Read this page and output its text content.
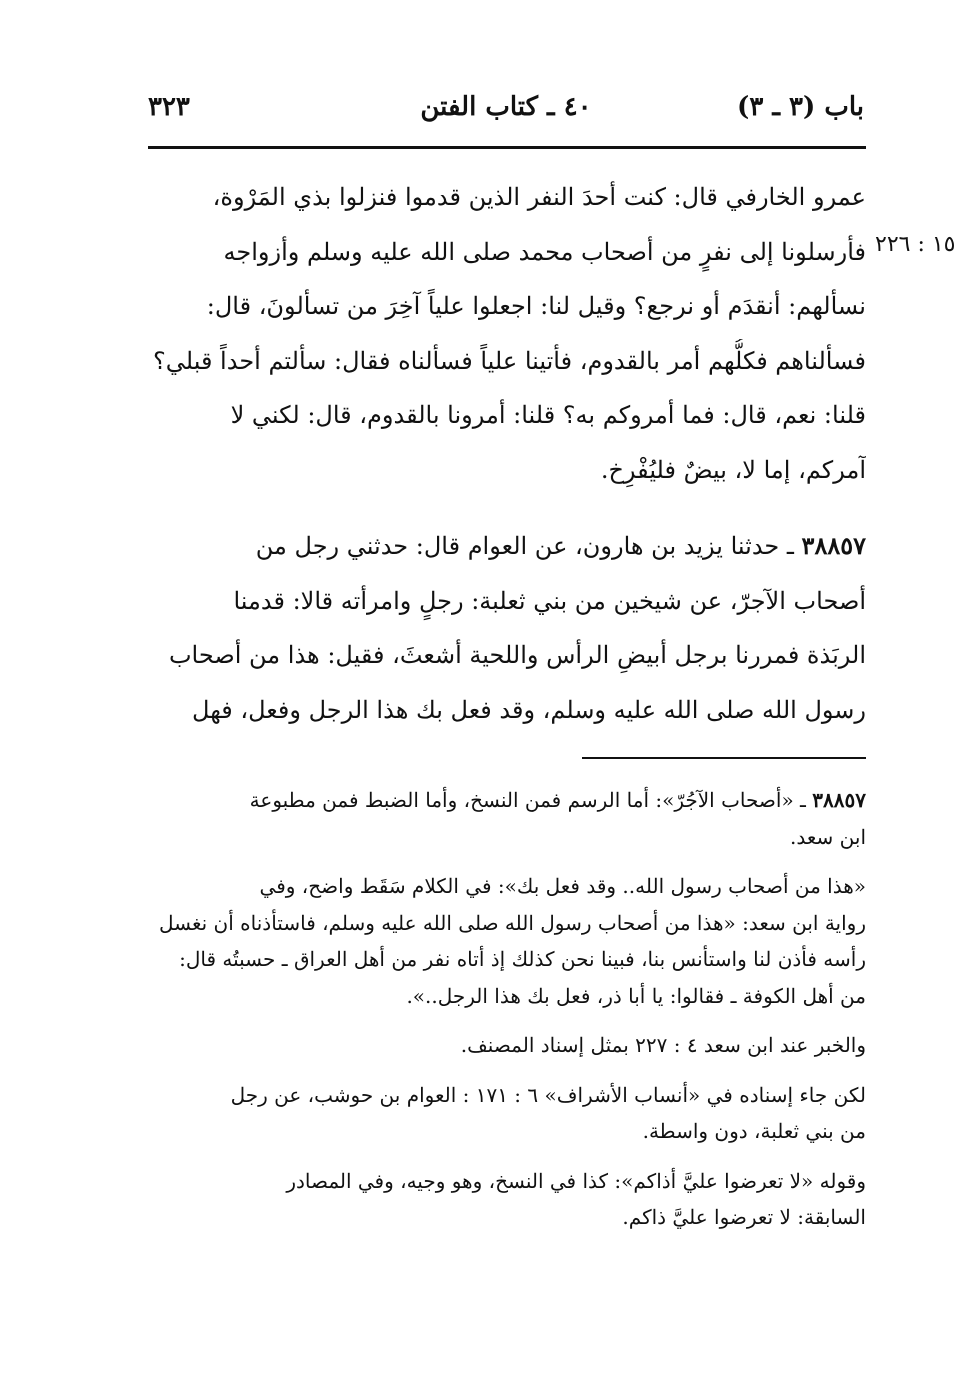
باب (٣ ـ ٣)
٤٠ ـ كتاب الفتن
٣٢٣
١٥ : ٢٢٦
عمرو الخارفي قال: كنت أحدَ النفر الذين قدموا فنزلوا بذي المَرْوة،
فأرسلونا إلى نفرٍ من أصحاب محمد صلى الله عليه وسلم وأزواجه
نسألهم: أنقدَم أو نرجع؟ وقيل لنا: اجعلوا علياً آخِرَ من تسألونَ، قال:
فسألناهم فكلُّهم أمر بالقدوم، فأتينا علياً فسألناه فقال: سألتم أحداً قبلي؟
قلنا: نعم، قال: فما أمروكم به؟ قلنا: أمرونا بالقدوم، قال: لكني لا
آمركم، إما لا، بيضٌ فليُفْرِخ.
٣٨٨٥٧ ـ حدثنا يزيد بن هارون، عن العوام قال: حدثني رجل من
أصحاب الآجرّ، عن شيخين من بني ثعلبة: رجلٍ وامرأته قالا: قدمنا
الربَذة فمررنا برجل أبيضِ الرأس واللحية أشعثَ، فقيل: هذا من أصحاب
رسول الله صلى الله عليه وسلم، وقد فعل بك هذا الرجل وفعل، فهل
٣٨٨٥٧ ـ «أصحاب الآجُرّ»: أما الرسم فمن النسخ، وأما الضبط فمن مطبوعة
ابن سعد.
«هذا من أصحاب رسول الله.. وقد فعل بك»: في الكلام سَقَط واضح، وفي
رواية ابن سعد: «هذا من أصحاب رسول الله صلى الله عليه وسلم، فاستأذناه أن نغسل
رأسه فأذن لنا واستأنس بنا، فبينا نحن كذلك إذ أتاه نفر من أهل العراق ـ حسبتُه قال:
من أهل الكوفة ـ فقالوا: يا أبا ذر، فعل بك هذا الرجل..».
والخبر عند ابن سعد ٤ : ٢٢٧ بمثل إسناد المصنف.
لكن جاء إسناده في «أنساب الأشراف» ٦ : ١٧١ : العوام بن حوشب، عن رجل
من بني ثعلبة، دون واسطة.
وقوله «لا تعرضوا عليَّ أذاكم»: كذا في النسخ، وهو وجيه، وفي المصادر
السابقة: لا تعرضوا عليَّ ذاكم.
